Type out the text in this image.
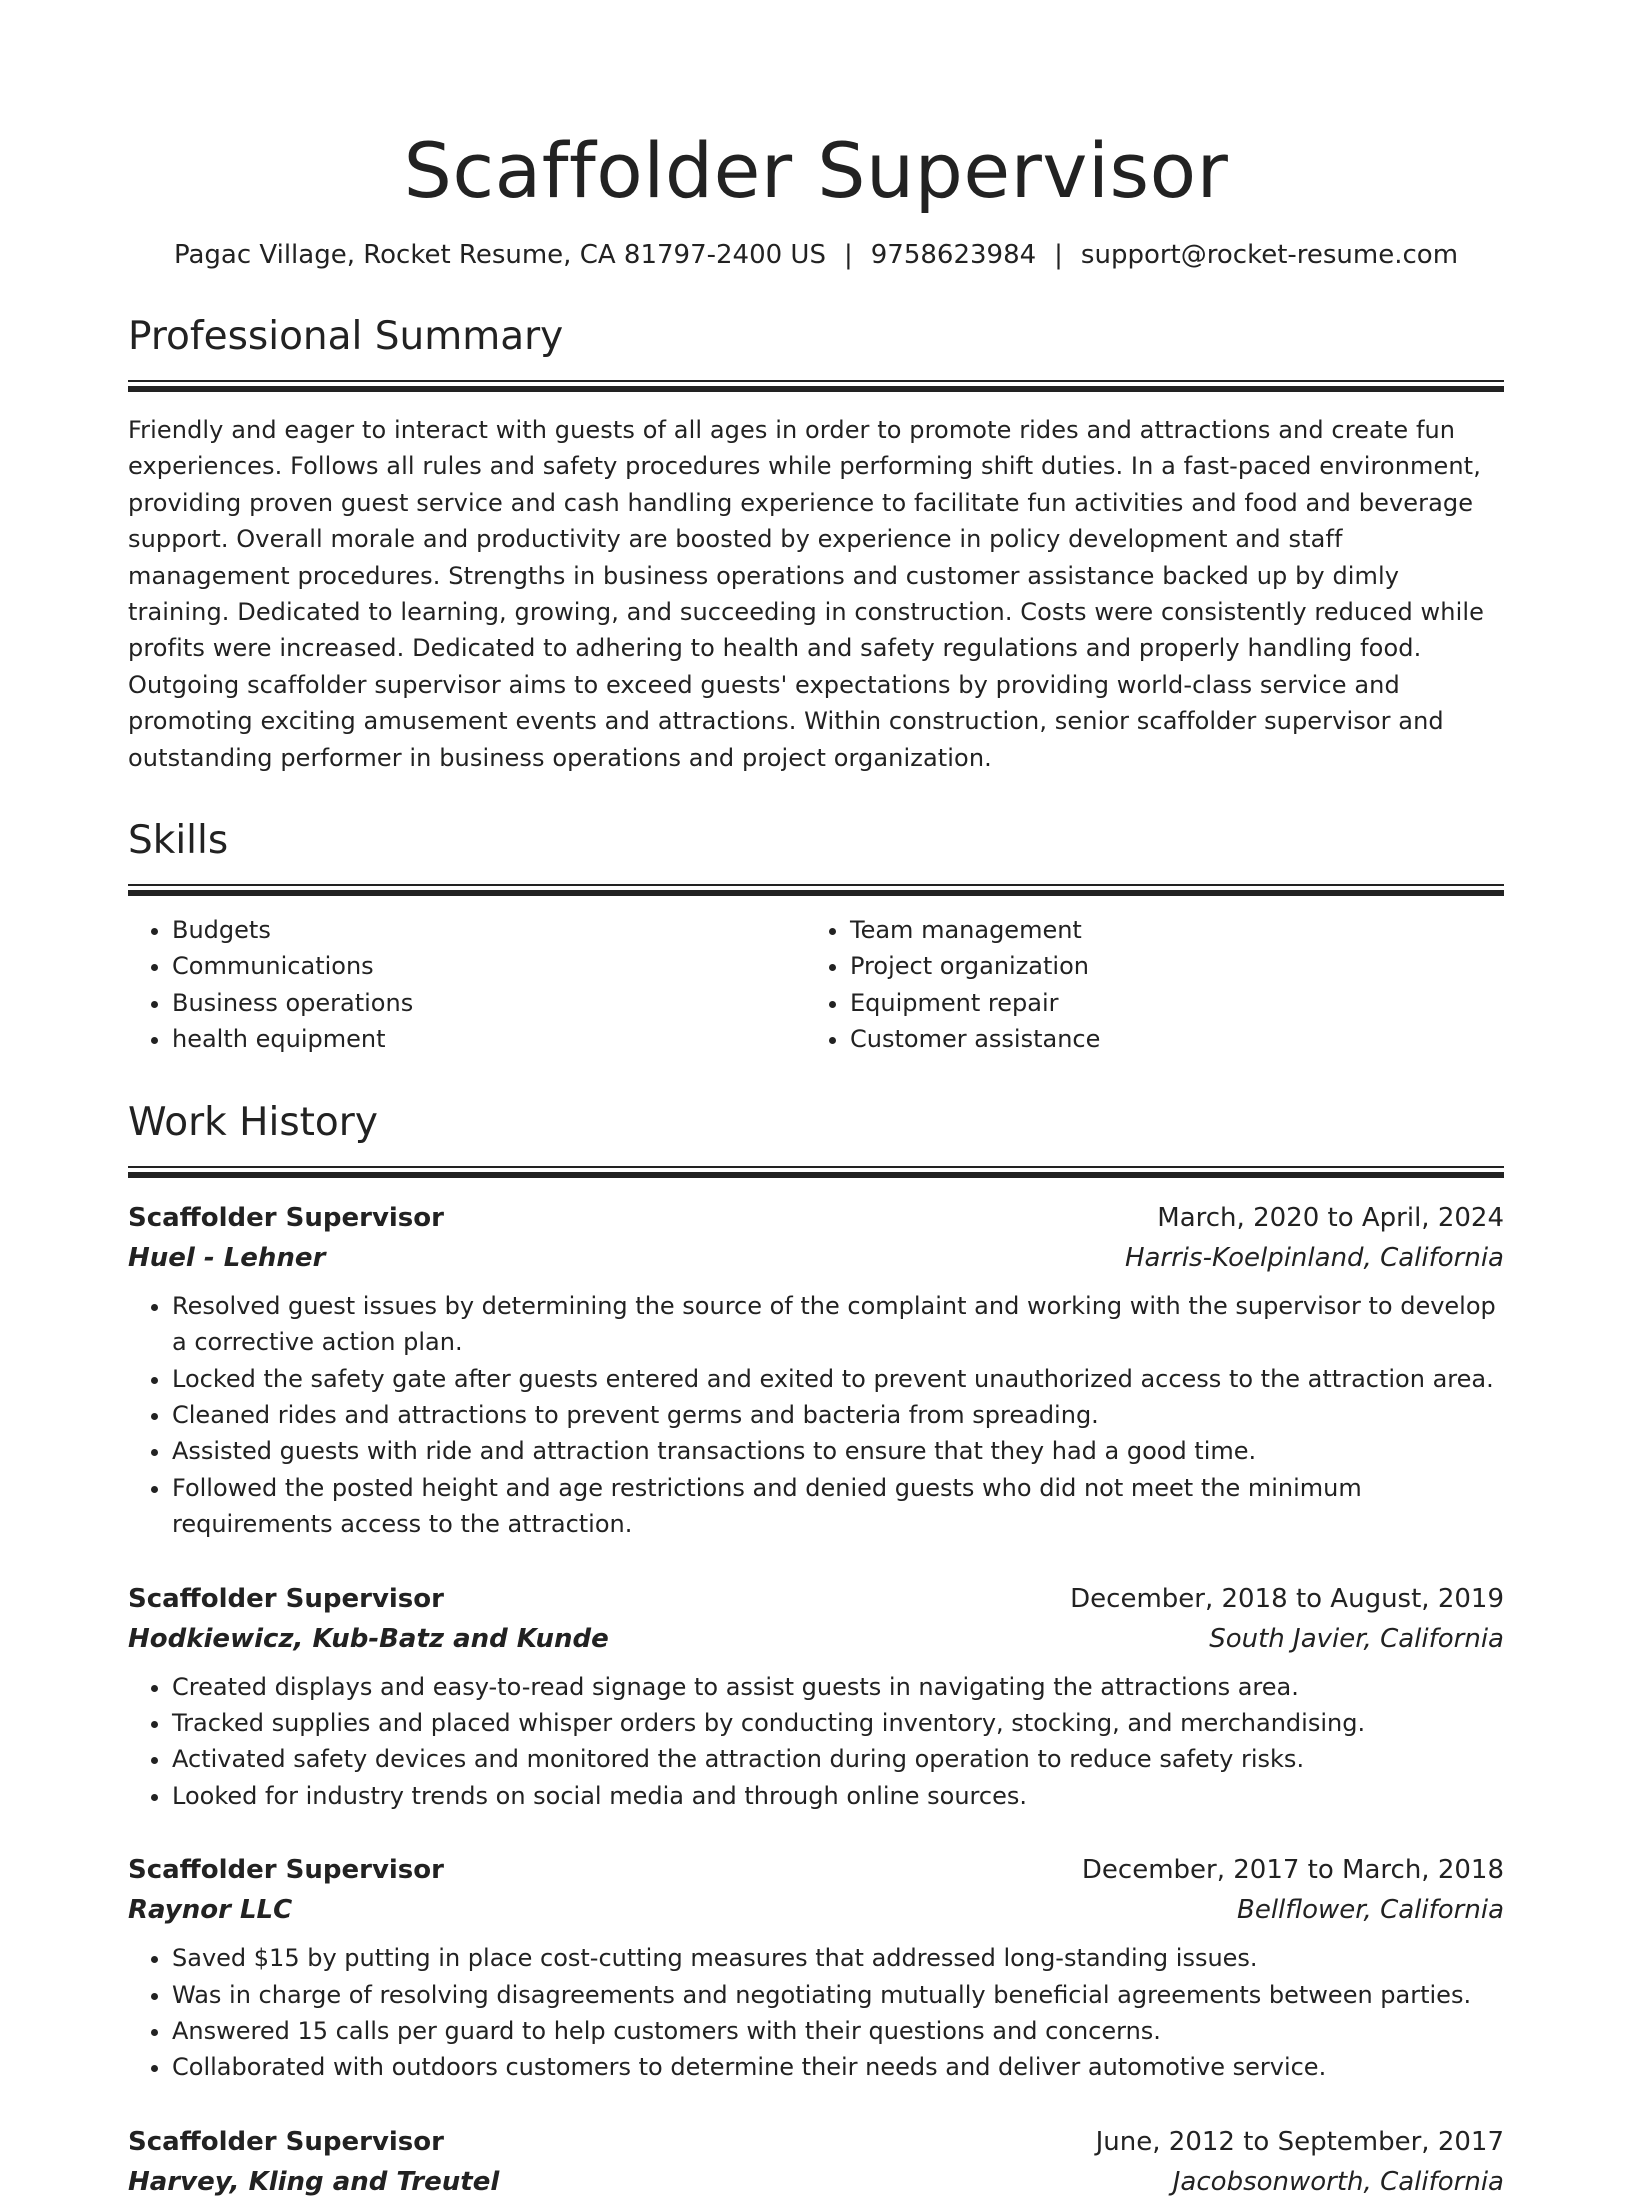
Scaffolder Supervisor
Pagac Village, Rocket Resume, CA 81797-2400 US | 9758623984 | support@rocket-resume.com
Professional Summary
Friendly and eager to interact with guests of all ages in order to promote rides and attractions and create fun experiences. Follows all rules and safety procedures while performing shift duties. In a fast-paced environment, providing proven guest service and cash handling experience to facilitate fun activities and food and beverage support. Overall morale and productivity are boosted by experience in policy development and staff management procedures. Strengths in business operations and customer assistance backed up by dimly training. Dedicated to learning, growing, and succeeding in construction. Costs were consistently reduced while profits were increased. Dedicated to adhering to health and safety regulations and properly handling food. Outgoing scaffolder supervisor aims to exceed guests' expectations by providing world-class service and promoting exciting amusement events and attractions. Within construction, senior scaffolder supervisor and outstanding performer in business operations and project organization.
Skills
• Budgets
• Communications
• Business operations
• health equipment
• Team management
• Project organization
• Equipment repair
• Customer assistance
Work History
Scaffolder Supervisor	March, 2020 to April, 2024
Huel - Lehner	Harris-Koelpinland, California
• Resolved guest issues by determining the source of the complaint and working with the supervisor to develop a corrective action plan.
• Locked the safety gate after guests entered and exited to prevent unauthorized access to the attraction area.
• Cleaned rides and attractions to prevent germs and bacteria from spreading.
• Assisted guests with ride and attraction transactions to ensure that they had a good time.
• Followed the posted height and age restrictions and denied guests who did not meet the minimum requirements access to the attraction.
Scaffolder Supervisor	December, 2018 to August, 2019
Hodkiewicz, Kub-Batz and Kunde	South Javier, California
• Created displays and easy-to-read signage to assist guests in navigating the attractions area.
• Tracked supplies and placed whisper orders by conducting inventory, stocking, and merchandising.
• Activated safety devices and monitored the attraction during operation to reduce safety risks.
• Looked for industry trends on social media and through online sources.
Scaffolder Supervisor	December, 2017 to March, 2018
Raynor LLC	Bellflower, California
• Saved $15 by putting in place cost-cutting measures that addressed long-standing issues.
• Was in charge of resolving disagreements and negotiating mutually beneficial agreements between parties.
• Answered 15 calls per guard to help customers with their questions and concerns.
• Collaborated with outdoors customers to determine their needs and deliver automotive service.
Scaffolder Supervisor	June, 2012 to September, 2017
Harvey, Kling and Treutel	Jacobsonworth, California
